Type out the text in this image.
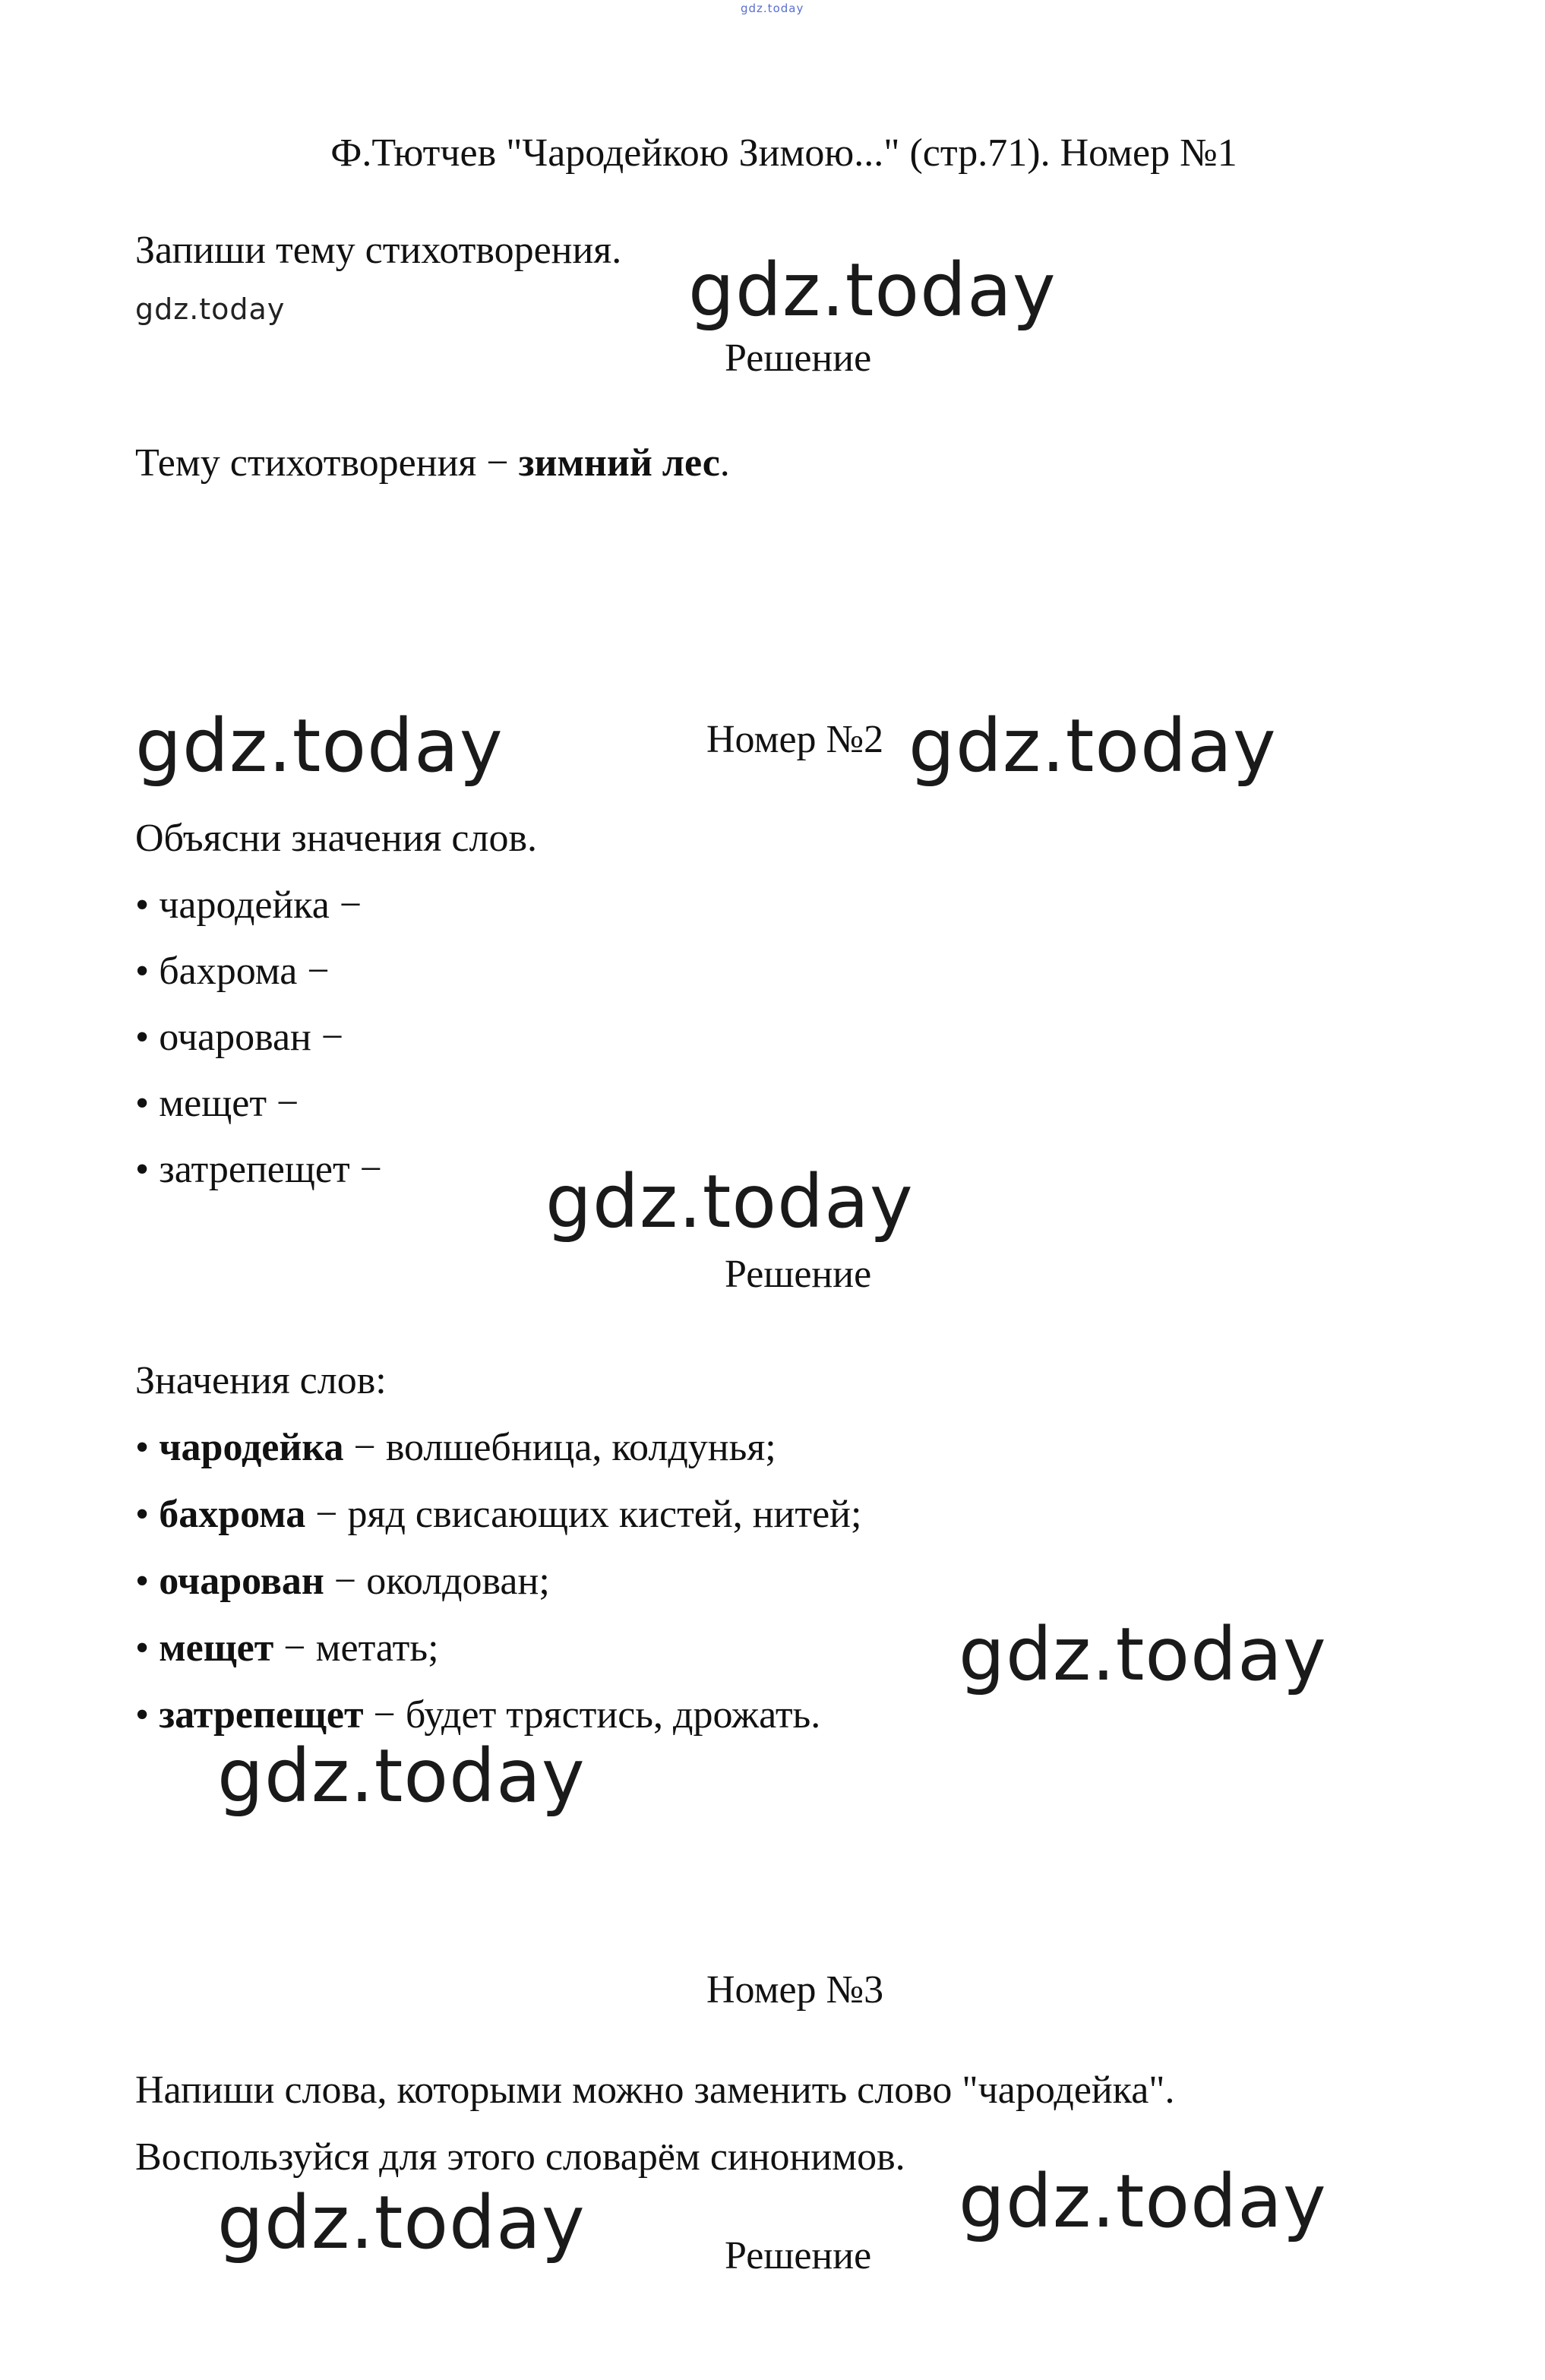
gdz.today
Ф.Тютчев "Чародейкою Зимою..." (стр.71). Номер №1
Запиши тему стихотворения.
gdz.today	gdz.today
Решение
Тему стихотворения − зимний лес.
gdz.today	Номер №2 gdz.today
Объясни значения слов.
• чародейка −
• бахрома −
• очарован −
• мещет −
• затрепещет − gdz.today
Решение
Значения слов:
• чародейка − волшебница, колдунья;
• бахрома − ряд свисающих кистей, нитей;
• очарован − околдован;
• мещет − метать;	gdz.today
• затрепещет − будет трястись, дрожать.
gdz.today
Номер №3
Напиши слова, которыми можно заменить слово "чародейка".
Воспользуйся для этого словарём синонимов.
gdz.today
gdz.today	Решение
